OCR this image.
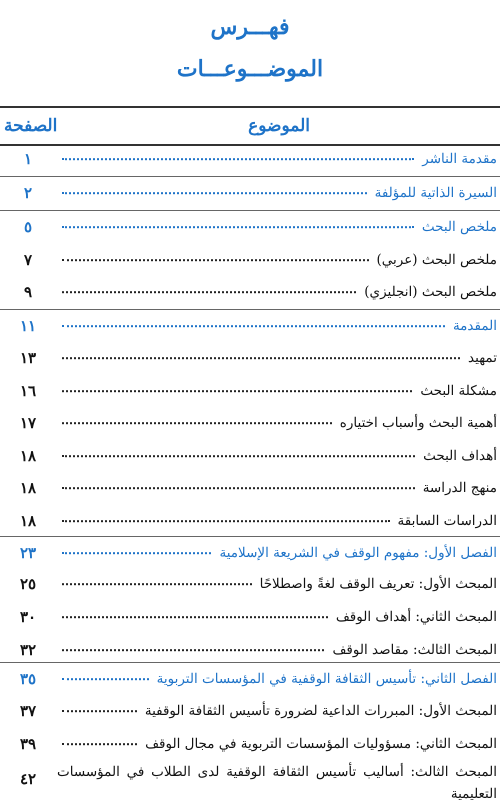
فهـــرس
الموضـــوعـــات
الموضوع
الصفحة
١	مقدمة الناشر
٢	السيرة الذاتية للمؤلفة
٥	ملخص البحث
٧	ملخص البحث (عربي)
٩	ملخص البحث (انجليزي)
١١	المقدمة
١٣	تمهيد
١٦	مشكلة البحث
١٧	أهمية البحث وأسباب اختياره
١٨	أهداف البحث
١٨	منهج الدراسة
١٨	الدراسات السابقة
٢٣	الفصل الأول: مفهوم الوقف في الشريعة الإسلامية
٢٥	المبحث الأول: تعريف الوقف لغةً واصطلاحًا
٣٠	المبحث الثاني: أهداف الوقف
٣٢	المبحث الثالث: مقاصد الوقف
٣٥	الفصل الثاني: تأسيس الثقافة الوقفية في المؤسسات التربوية
٣٧	المبحث الأول: المبررات الداعية لضرورة تأسيس الثقافة الوقفية
٣٩	المبحث الثاني: مسؤوليات المؤسسات التربوية في مجال الوقف
٤٢	المبحث الثالث: أساليب تأسيس الثقافة الوقفية لدى الطلاب في المؤسسات التعليمية
